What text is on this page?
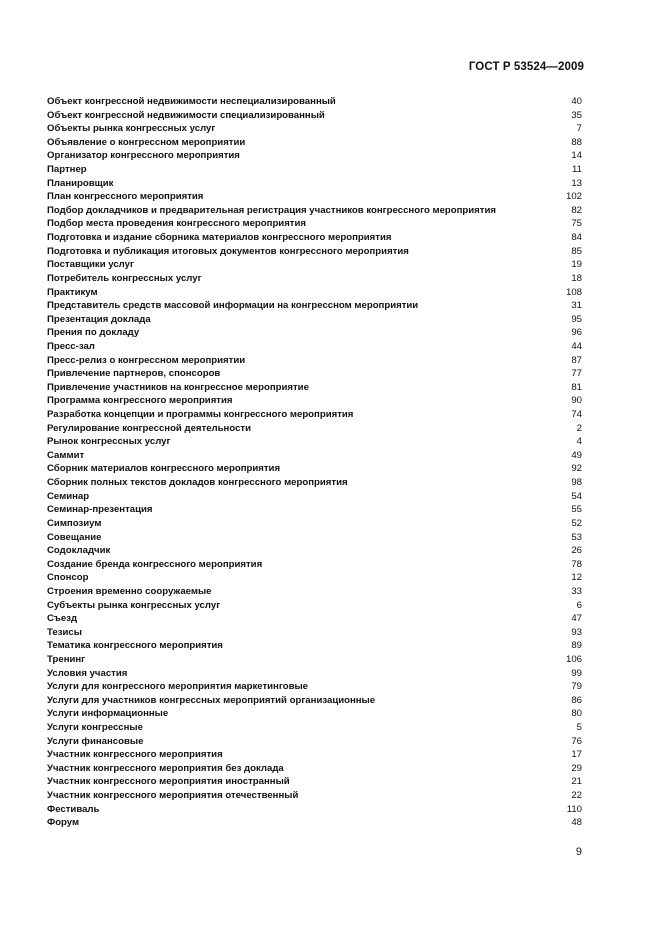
ГОСТ Р 53524—2009
Объект конгрессной недвижимости неспециализированный	40
Объект конгрессной недвижимости специализированный	35
Объекты рынка конгрессных услуг	7
Объявление о конгрессном мероприятии	88
Организатор конгрессного мероприятия	14
Партнер	11
Планировщик	13
План конгрессного мероприятия	102
Подбор докладчиков и предварительная регистрация участников конгрессного мероприятия	82
Подбор места проведения конгрессного мероприятия	75
Подготовка и издание сборника материалов конгрессного мероприятия	84
Подготовка и публикация итоговых документов конгрессного мероприятия	85
Поставщики услуг	19
Потребитель конгрессных услуг	18
Практикум	108
Представитель средств массовой информации на конгрессном мероприятии	31
Презентация доклада	95
Прения по докладу	96
Пресс-зал	44
Пресс-релиз о конгрессном мероприятии	87
Привлечение партнеров, спонсоров	77
Привлечение участников на конгрессное мероприятие	81
Программа конгрессного мероприятия	90
Разработка концепции и программы конгрессного мероприятия	74
Регулирование конгрессной деятельности	2
Рынок конгрессных услуг	4
Саммит	49
Сборник материалов конгрессного мероприятия	92
Сборник полных текстов докладов конгрессного мероприятия	98
Семинар	54
Семинар-презентация	55
Симпозиум	52
Совещание	53
Содокладчик	26
Создание бренда конгрессного мероприятия	78
Спонсор	12
Строения временно сооружаемые	33
Субъекты рынка конгрессных услуг	6
Съезд	47
Тезисы	93
Тематика конгрессного мероприятия	89
Тренинг	106
Условия участия	99
Услуги для конгрессного мероприятия маркетинговые	79
Услуги для участников конгрессных мероприятий организационные	86
Услуги информационные	80
Услуги конгрессные	5
Услуги финансовые	76
Участник конгрессного мероприятия	17
Участник конгрессного мероприятия без доклада	29
Участник конгрессного мероприятия иностранный	21
Участник конгрессного мероприятия отечественный	22
Фестиваль	110
Форум	48
9
